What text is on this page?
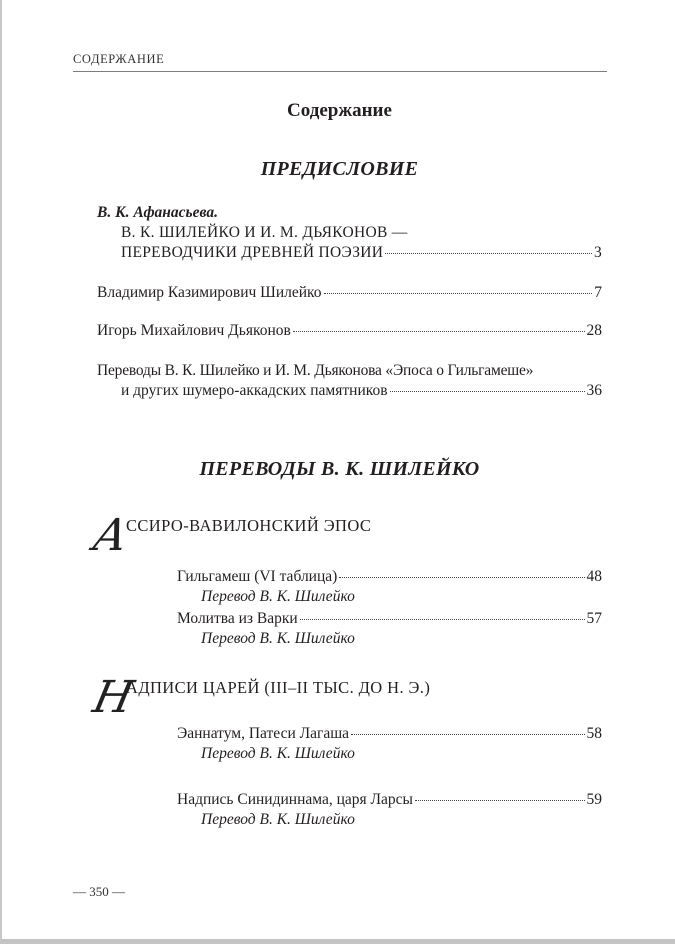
СОДЕРЖАНИЕ
Содержание
ПРЕДИСЛОВИЕ
В. К. Афанасьева.
В. К. ШИЛЕЙКО И И. М. ДЬЯКОНОВ —
ПЕРЕВОДЧИКИ ДРЕВНЕЙ ПОЭЗИИ	3
Владимир Казимирович Шилейко	7
Игорь Михайлович Дьяконов	28
Переводы В. К. Шилейко и И. М. Дьяконова «Эпоса о Гильгамеше»
и других шумеро-аккадских памятников	36
ПЕРЕВОДЫ В. К. ШИЛЕЙКО
А
ССИРО-ВАВИЛОНСКИЙ ЭПОС
Гильгамеш (VI таблица)	48
Перевод В. К. Шилейко
Молитва из Варки	57
Перевод В. К. Шилейко
Н
АДПИСИ ЦАРЕЙ (III–II ТЫС. ДО Н. Э.)
Эаннатум, Патеси Лагаша	58
Перевод В. К. Шилейко
Надпись Синидиннама, царя Ларсы	59
Перевод В. К. Шилейко
— 350 —
